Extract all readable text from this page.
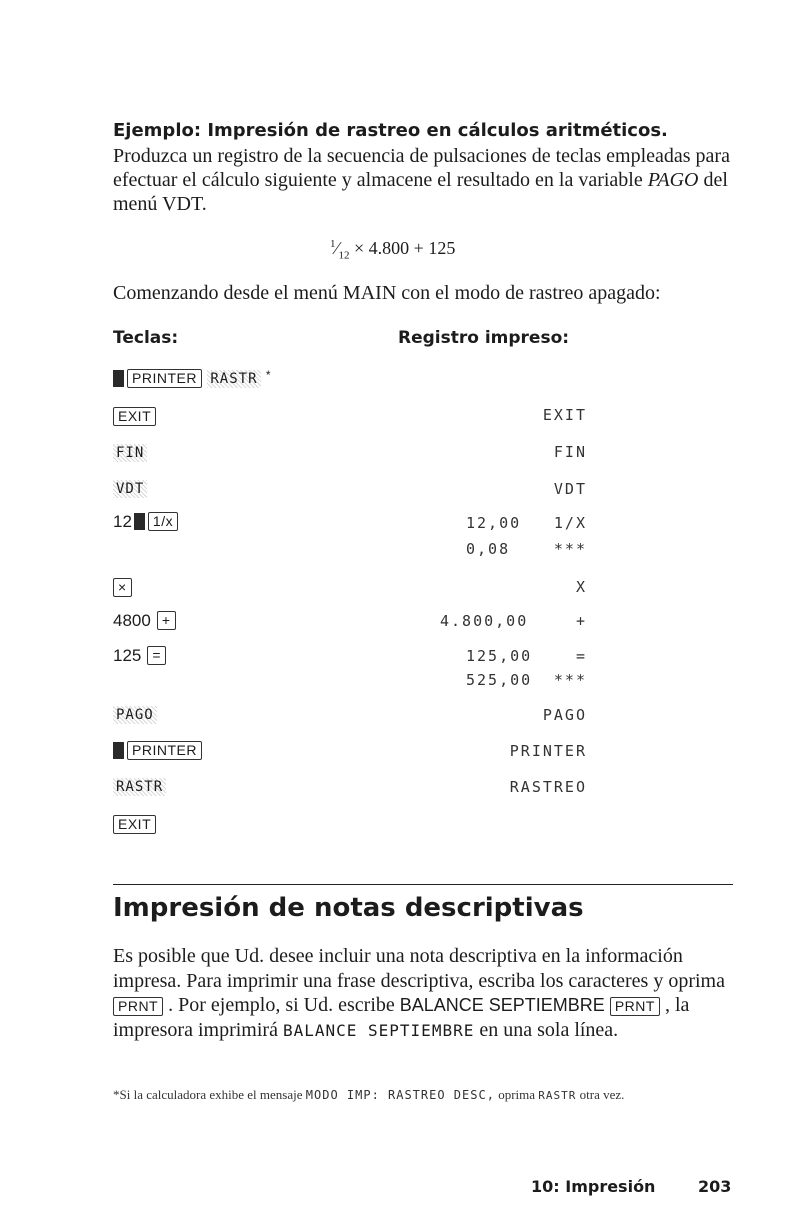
Ejemplo: Impresión de rastreo en cálculos aritméticos.
Produzca un registro de la secuencia de pulsaciones de teclas empleadas para efectuar el cálculo siguiente y almacene el resultado en la variable PAGO del menú VDT.
$^1⁄_{12} \times 4.800 + 125$
Comenzando desde el menú MAIN con el modo de rastreo apagado:
Teclas:	Registro impreso:
PRINTER RASTR *
EXIT	EXIT
FIN	FIN
VDT	VDT
12 1/x	12,00 1/X
0,08	***
×	X
4800 +	4.800,00	+
125 =	125,00	=
525,00 ***
PAGO	PAGO
PRINTER	PRINTER
RASTR	RASTREO
EXIT
Impresión de notas descriptivas
Es posible que Ud. desee incluir una nota descriptiva en la información impresa. Para imprimir una frase descriptiva, escriba los caracteres y oprima PRNT . Por ejemplo, si Ud. escribe BALANCE SEPTIEMBRE PRNT , la impresora imprimirá BALANCE SEPTIEMBRE en una sola línea.
*Si la calculadora exhibe el mensaje MODO IMP: RASTREO DESC, oprima RASTR otra vez.
10: Impresión	203
